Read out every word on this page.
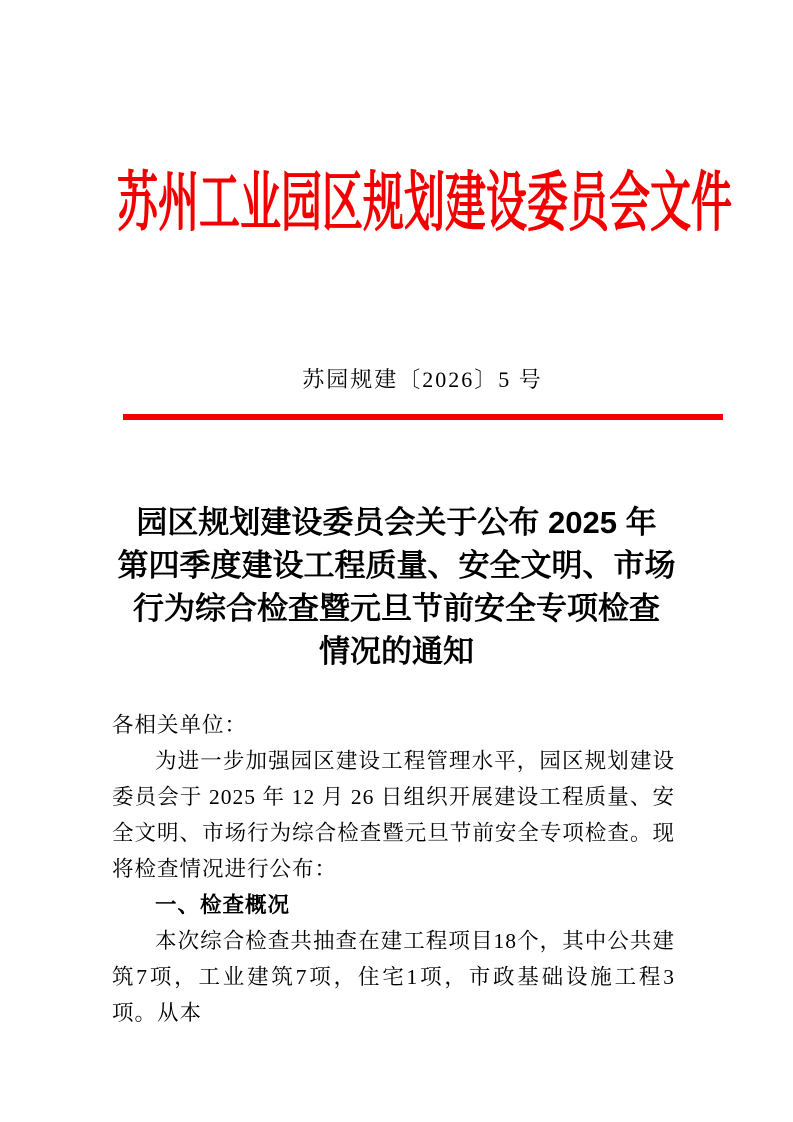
苏州工业园区规划建设委员会文件
苏园规建〔2026〕5 号
园区规划建设委员会关于公布 2025 年
第四季度建设工程质量、安全文明、市场
行为综合检查暨元旦节前安全专项检查
情况的通知
各相关单位：

为进一步加强园区建设工程管理水平，园区规划建设委员会于 2025 年 12 月 26 日组织开展建设工程质量、安全文明、市场行为综合检查暨元旦节前安全专项检查。现将检查情况进行公布：

一、检查概况

本次综合检查共抽查在建工程项目18个，其中公共建筑7项，工业建筑7项，住宅1项，市政基础设施工程3项。从本
